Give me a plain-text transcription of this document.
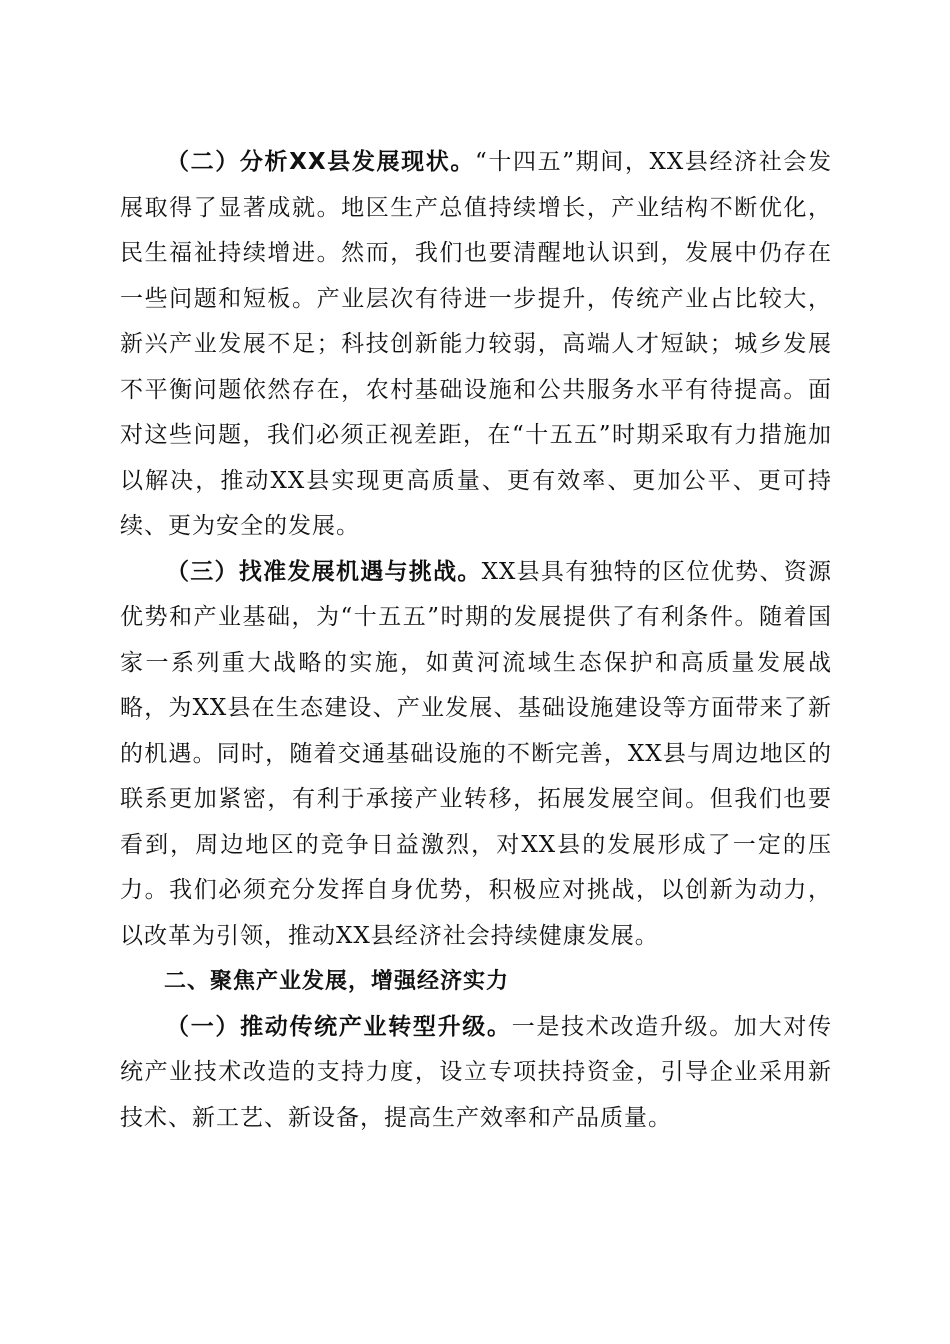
（二）分析XX县发展现状。“十四五”期间，XX县经济社会发展取得了显著成就。地区生产总值持续增长，产业结构不断优化，民生福祉持续增进。然而，我们也要清醒地认识到，发展中仍存在一些问题和短板。产业层次有待进一步提升，传统产业占比较大，新兴产业发展不足；科技创新能力较弱，高端人才短缺；城乡发展不平衡问题依然存在，农村基础设施和公共服务水平有待提高。面对这些问题，我们必须正视差距，在“十五五”时期采取有力措施加以解决，推动XX县实现更高质量、更有效率、更加公平、更可持续、更为安全的发展。

（三）找准发展机遇与挑战。XX县具有独特的区位优势、资源优势和产业基础，为“十五五”时期的发展提供了有利条件。随着国家一系列重大战略的实施，如黄河流域生态保护和高质量发展战略，为XX县在生态建设、产业发展、基础设施建设等方面带来了新的机遇。同时，随着交通基础设施的不断完善，XX县与周边地区的联系更加紧密，有利于承接产业转移，拓展发展空间。但我们也要看到，周边地区的竞争日益激烈，对XX县的发展形成了一定的压力。我们必须充分发挥自身优势，积极应对挑战，以创新为动力，以改革为引领，推动XX县经济社会持续健康发展。

二、聚焦产业发展，增强经济实力

（一）推动传统产业转型升级。一是技术改造升级。加大对传统产业技术改造的支持力度，设立专项扶持资金，引导企业采用新技术、新工艺、新设备，提高生产效率和产品质量。
